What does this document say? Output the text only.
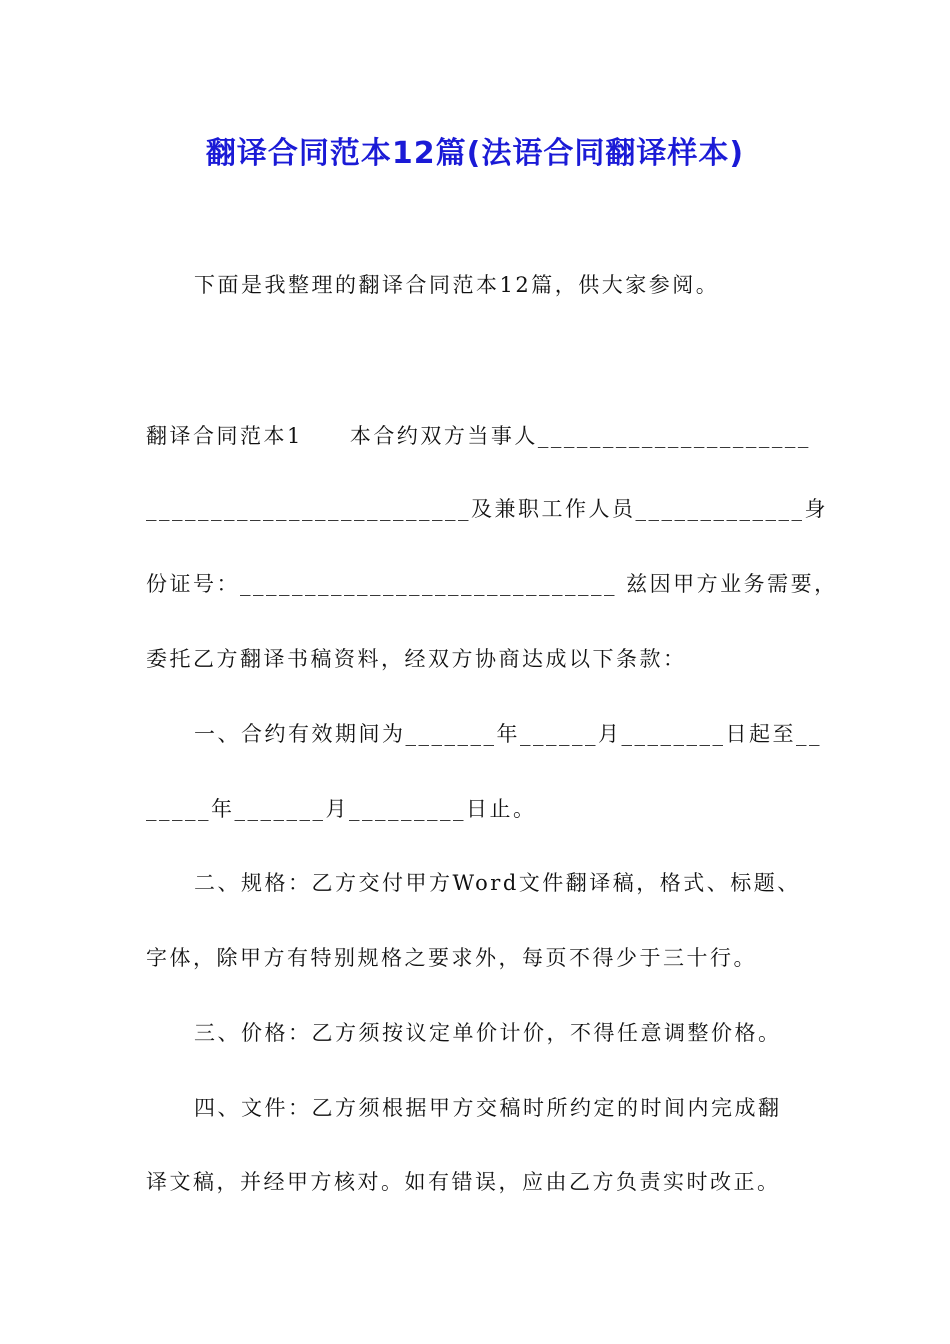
翻译合同范本12篇(法语合同翻译样本)

下面是我整理的翻译合同范本12篇，供大家参阅。

翻译合同范本1　　本合约双方当事人_____________________

_________________________及兼职工作人员_____________身

份证号：_____________________________ 兹因甲方业务需要，

委托乙方翻译书稿资料，经双方协商达成以下条款：

一、合约有效期间为_______年______月________日起至__

_____年_______月_________日止。

二、规格：乙方交付甲方Word文件翻译稿，格式、标题、

字体，除甲方有特别规格之要求外，每页不得少于三十行。

三、价格：乙方须按议定单价计价，不得任意调整价格。

四、文件：乙方须根据甲方交稿时所约定的时间内完成翻

译文稿，并经甲方核对。如有错误，应由乙方负责实时改正。
